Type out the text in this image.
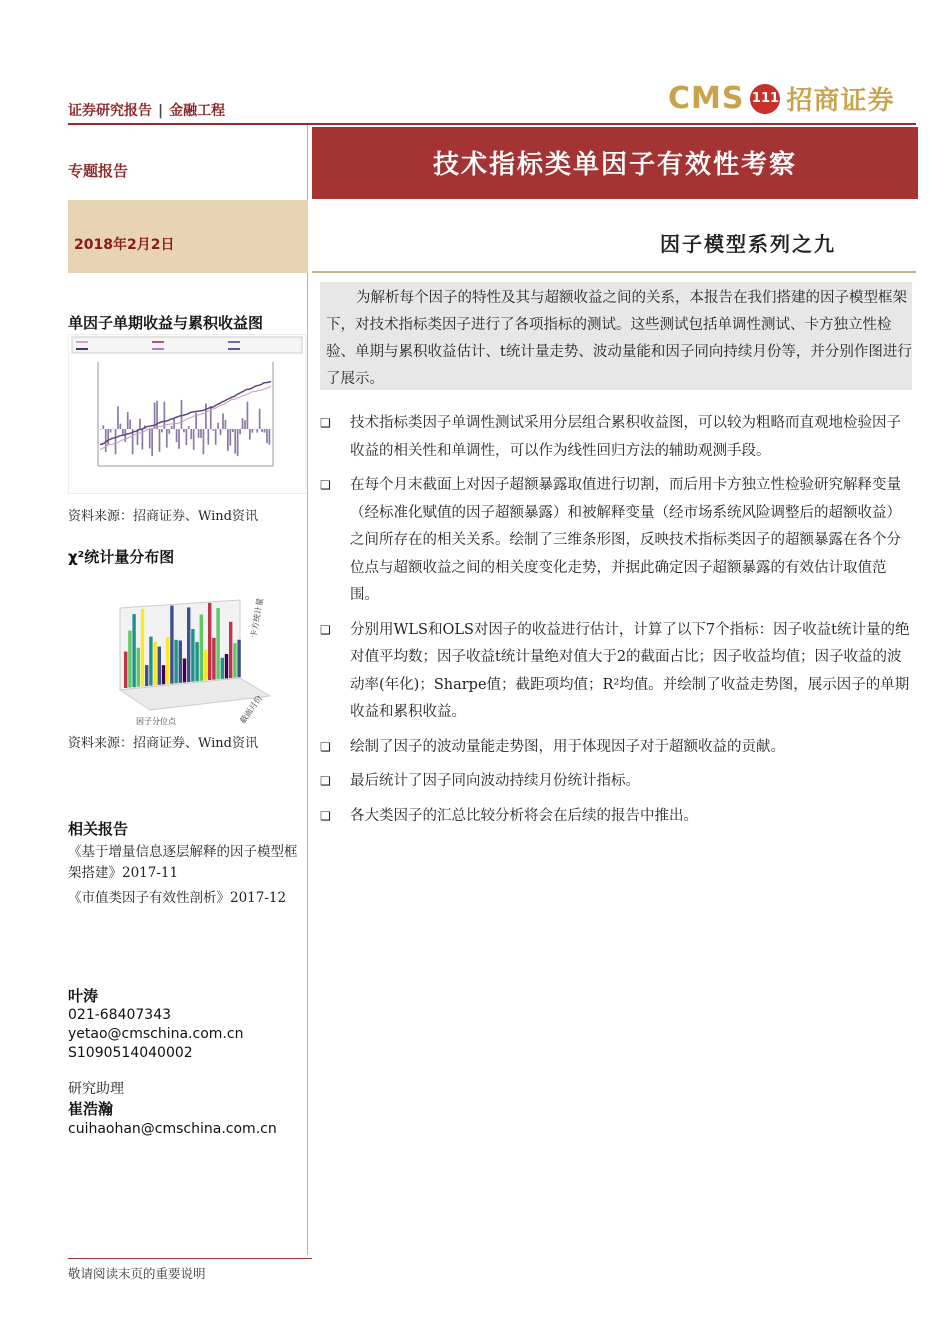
证券研究报告 | 金融工程	CMS 111 招商证券
专题报告
2018年2月2日
技术指标类单因子有效性考察
因子模型系列之九
为解析每个因子的特性及其与超额收益之间的关系，本报告在我们搭建的因子模型框架下，对技术指标类因子进行了各项指标的测试。这些测试包括单调性测试、卡方独立性检验、单期与累积收益估计、t统计量走势、波动量能和因子同向持续月份等，并分别作图进行了展示。
❑	技术指标类因子单调性测试采用分层组合累积收益图，可以较为粗略而直观地检验因子收益的相关性和单调性，可以作为线性回归方法的辅助观测手段。
❑	在每个月末截面上对因子超额暴露取值进行切割，而后用卡方独立性检验研究解释变量（经标准化赋值的因子超额暴露）和被解释变量（经市场系统风险调整后的超额收益）之间所存在的相关关系。绘制了三维条形图，反映技术指标类因子的超额暴露在各个分位点与超额收益之间的相关度变化走势，并据此确定因子超额暴露的有效估计取值范围。
❑	分别用WLS和OLS对因子的收益进行估计，计算了以下7个指标：因子收益t统计量的绝对值平均数；因子收益t统计量绝对值大于2的截面占比；因子收益均值；因子收益的波动率(年化)；Sharpe值；截距项均值；R²均值。并绘制了收益走势图，展示因子的单期收益和累积收益。
❑	绘制了因子的波动量能走势图，用于体现因子对于超额收益的贡献。
❑	最后统计了因子同向波动持续月份统计指标。
❑	各大类因子的汇总比较分析将会在后续的报告中推出。
单因子单期收益与累积收益图
资料来源：招商证券、Wind资讯
χ²统计量分布图
卡方统计量
因子分位点	截面月份
资料来源：招商证券、Wind资讯
相关报告
《基于增量信息逐层解释的因子模型框架搭建》2017-11
《市值类因子有效性剖析》2017-12
叶涛
021-68407343
yetao@cmschina.com.cn
S1090514040002
研究助理
崔浩瀚
cuihaohan@cmschina.com.cn
敬请阅读末页的重要说明
